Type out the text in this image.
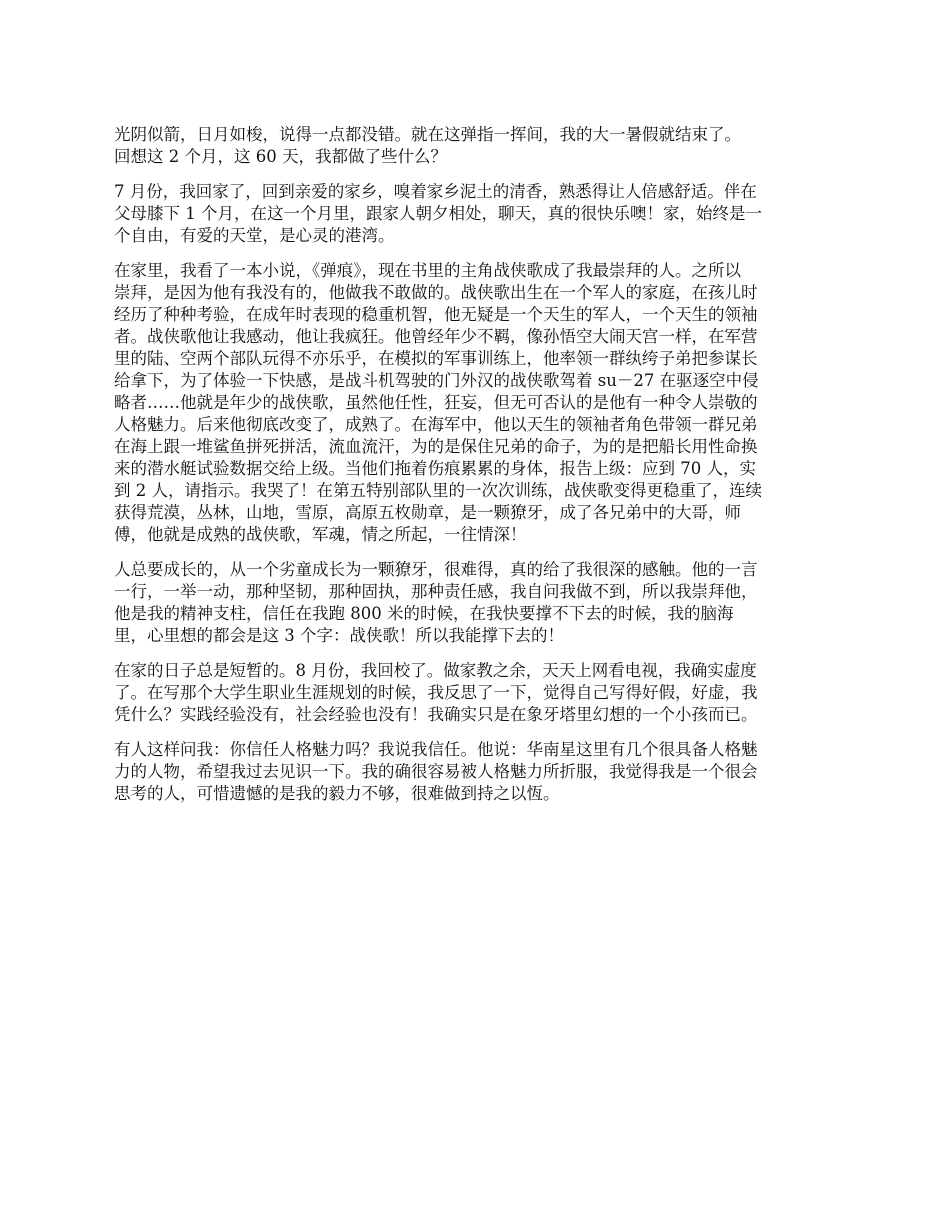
光阴似箭，日月如梭，说得一点都没错。就在这弹指一挥间，我的大一暑假就结束了。
回想这 2 个月，这 60 天，我都做了些什么？

7 月份，我回家了，回到亲爱的家乡，嗅着家乡泥土的清香，熟悉得让人倍感舒适。伴在
父母膝下 1 个月，在这一个月里，跟家人朝夕相处，聊天，真的很快乐噢！家，始终是一
个自由，有爱的天堂，是心灵的港湾。

在家里，我看了一本小说，《弹痕》，现在书里的主角战侠歌成了我最崇拜的人。之所以
崇拜，是因为他有我没有的，他做我不敢做的。战侠歌出生在一个军人的家庭，在孩儿时
经历了种种考验，在成年时表现的稳重机智，他无疑是一个天生的军人，一个天生的领袖
者。战侠歌他让我感动，他让我疯狂。他曾经年少不羁，像孙悟空大闹天宫一样，在军营
里的陆、空两个部队玩得不亦乐乎，在模拟的军事训练上，他率领一群纨绔子弟把参谋长
给拿下，为了体验一下快感，是战斗机驾驶的门外汉的战侠歌驾着 su－27 在驱逐空中侵
略者……他就是年少的战侠歌，虽然他任性，狂妄，但无可否认的是他有一种令人崇敬的
人格魅力。后来他彻底改变了，成熟了。在海军中，他以天生的领袖者角色带领一群兄弟
在海上跟一堆鲨鱼拼死拼活，流血流汗，为的是保住兄弟的命子，为的是把船长用性命换
来的潜水艇试验数据交给上级。当他们拖着伤痕累累的身体，报告上级：应到 70 人，实
到 2 人，请指示。我哭了！在第五特别部队里的一次次训练，战侠歌变得更稳重了，连续
获得荒漠，丛林，山地，雪原，高原五枚勋章，是一颗獠牙，成了各兄弟中的大哥，师
傅，他就是成熟的战侠歌，军魂，情之所起，一往情深！

人总要成长的，从一个劣童成长为一颗獠牙，很难得，真的给了我很深的感触。他的一言
一行，一举一动，那种坚韧，那种固执，那种责任感，我自问我做不到，所以我崇拜他，
他是我的精神支柱，信任在我跑 800 米的时候，在我快要撑不下去的时候，我的脑海
里，心里想的都会是这 3 个字：战侠歌！所以我能撑下去的！

在家的日子总是短暂的。8 月份，我回校了。做家教之余，天天上网看电视，我确实虚度
了。在写那个大学生职业生涯规划的时候，我反思了一下，觉得自己写得好假，好虚，我
凭什么？实践经验没有，社会经验也没有！我确实只是在象牙塔里幻想的一个小孩而已。

有人这样问我：你信任人格魅力吗？我说我信任。他说：华南星这里有几个很具备人格魅
力的人物，希望我过去见识一下。我的确很容易被人格魅力所折服，我觉得我是一个很会
思考的人，可惜遗憾的是我的毅力不够，很难做到持之以恆。
